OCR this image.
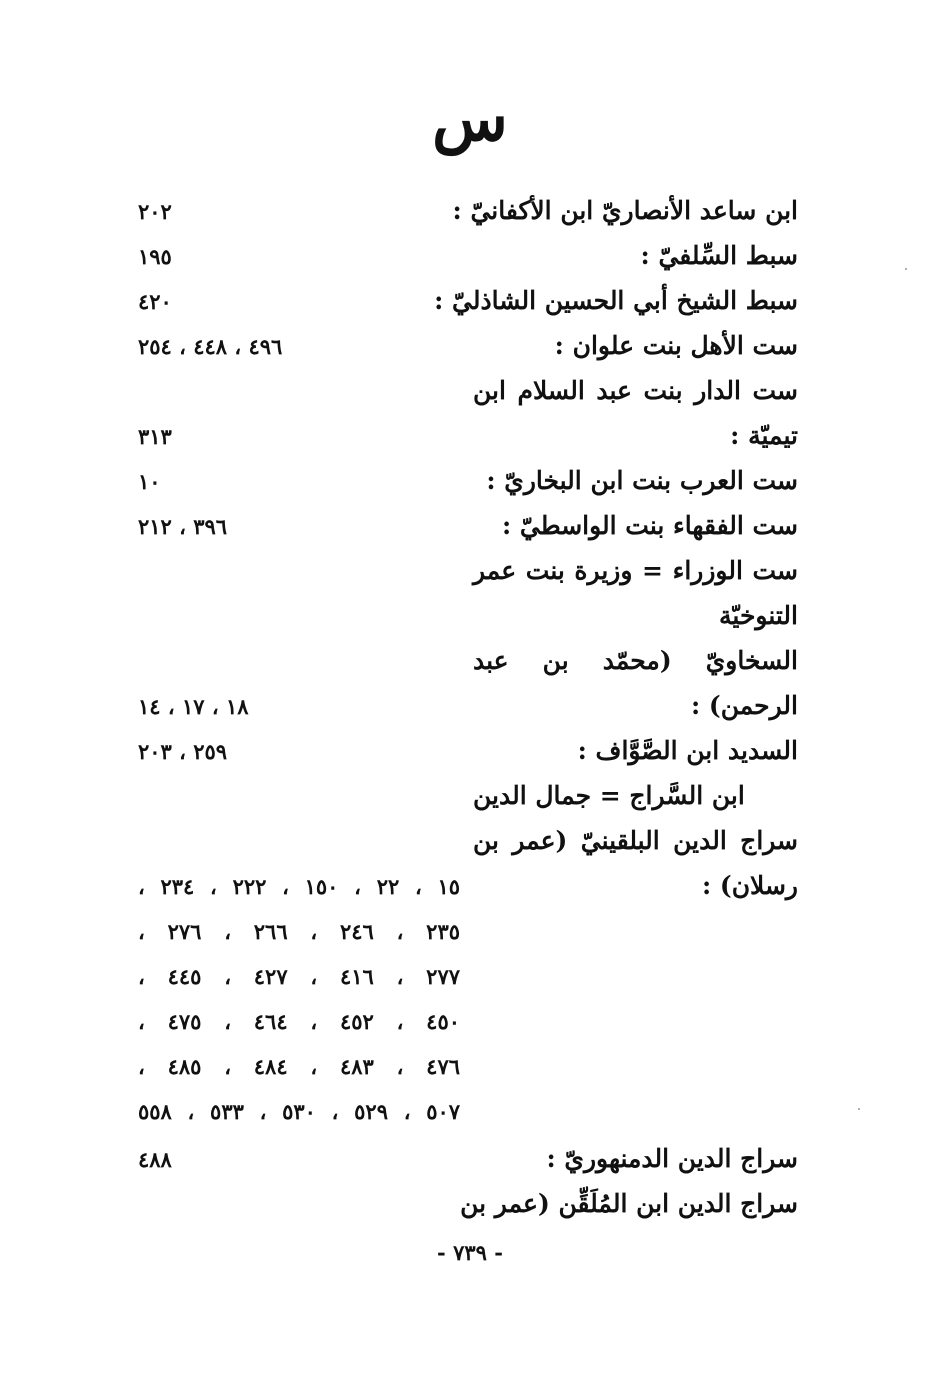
س
ابن ساعد الأنصاريّ ابن الأكفانيّ :
٢٠٢
سبط السِّلفيّ :
١٩٥
سبط الشيخ أبي الحسين الشاذليّ :
٤٢٠
ست الأهل بنت علوان :
٤٩٦ ، ٤٤٨ ، ٢٥٤
ست الدار بنت عبد السلام ابن
تيميّة :
٣١٣
ست العرب بنت ابن البخاريّ :
١٠
ست الفقهاء بنت الواسطيّ :
٣٩٦ ، ٢١٢
ست الوزراء = وزيرة بنت عمر
التنوخيّة
السخاويّ (محمّد بن عبد
الرحمن) :
١٨ ، ١٧ ، ١٤
السديد ابن الصَّوَّاف :
٢٥٩ ، ٢٠٣
ابن السَّراج = جمال الدين
سراج الدين البلقينيّ (عمر بن
رسلان) :
١٥ ، ٢٢ ، ١٥٠ ، ٢٢٢ ، ٢٣٤ ،
٢٣٥ ، ٢٤٦ ، ٢٦٦ ، ٢٧٦ ،
٢٧٧ ، ٤١٦ ، ٤٢٧ ، ٤٤٥ ،
٤٥٠ ، ٤٥٢ ، ٤٦٤ ، ٤٧٥ ،
٤٧٦ ، ٤٨٣ ، ٤٨٤ ، ٤٨٥ ،
٥٠٧ ، ٥٢٩ ، ٥٣٠ ، ٥٣٣ ، ٥٥٨
سراج الدين الدمنهوريّ :
٤٨٨
سراج الدين ابن المُلَقِّن (عمر بن
- ٧٣٩ -
